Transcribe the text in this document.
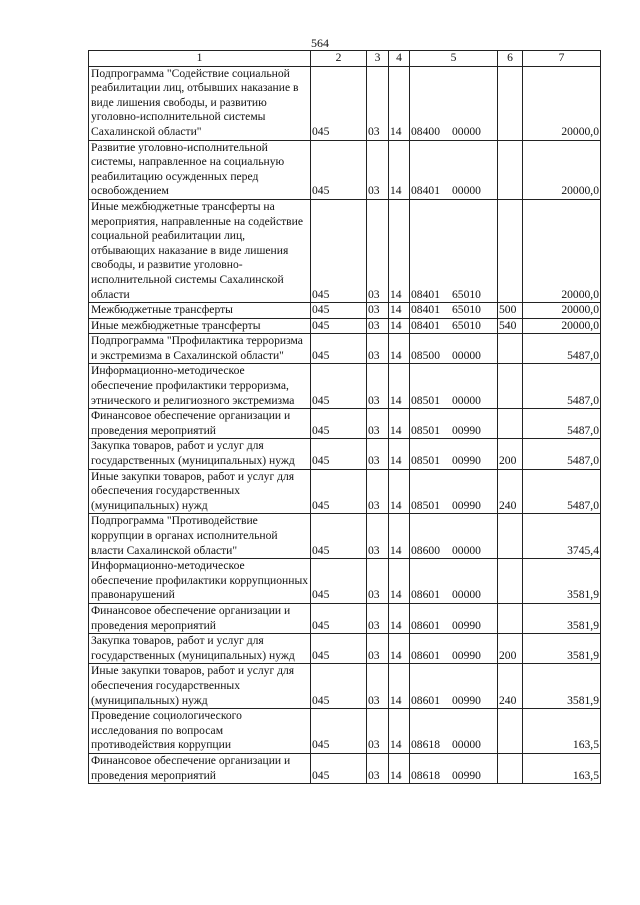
564
1	2	3	4	5	6	7
Подпрограмма "Содействие социальной реабилитации лиц, отбывших наказание в виде лишения свободы, и развитию уголовно-исполнительной системы Сахалинской области"	045	03	14	08400 00000		20000,0
Развитие уголовно-исполнительной системы, направленное на социальную реабилитацию осужденных перед освобождением	045	03	14	08401 00000		20000,0
Иные межбюджетные трансферты на мероприятия, направленные на содействие социальной реабилитации лиц, отбывающих наказание в виде лишения свободы, и развитие уголовно-исполнительной системы Сахалинской области	045	03	14	08401 65010		20000,0
Межбюджетные трансферты	045	03	14	08401 65010	500	20000,0
Иные межбюджетные трансферты	045	03	14	08401 65010	540	20000,0
Подпрограмма "Профилактика терроризма и экстремизма в Сахалинской области"	045	03	14	08500 00000		5487,0
Информационно-методическое обеспечение профилактики терроризма, этнического и религиозного экстремизма	045	03	14	08501 00000		5487,0
Финансовое обеспечение организации и проведения мероприятий	045	03	14	08501 00990		5487,0
Закупка товаров, работ и услуг для государственных (муниципальных) нужд	045	03	14	08501 00990	200	5487,0
Иные закупки товаров, работ и услуг для обеспечения государственных (муниципальных) нужд	045	03	14	08501 00990	240	5487,0
Подпрограмма "Противодействие коррупции в органах исполнительной власти Сахалинской области"	045	03	14	08600 00000		3745,4
Информационно-методическое обеспечение профилактики коррупционных правонарушений	045	03	14	08601 00000		3581,9
Финансовое обеспечение организации и проведения мероприятий	045	03	14	08601 00990		3581,9
Закупка товаров, работ и услуг для государственных (муниципальных) нужд	045	03	14	08601 00990	200	3581,9
Иные закупки товаров, работ и услуг для обеспечения государственных (муниципальных) нужд	045	03	14	08601 00990	240	3581,9
Проведение социологического исследования по вопросам противодействия коррупции	045	03	14	08618 00000		163,5
Финансовое обеспечение организации и проведения мероприятий	045	03	14	08618 00990		163,5
